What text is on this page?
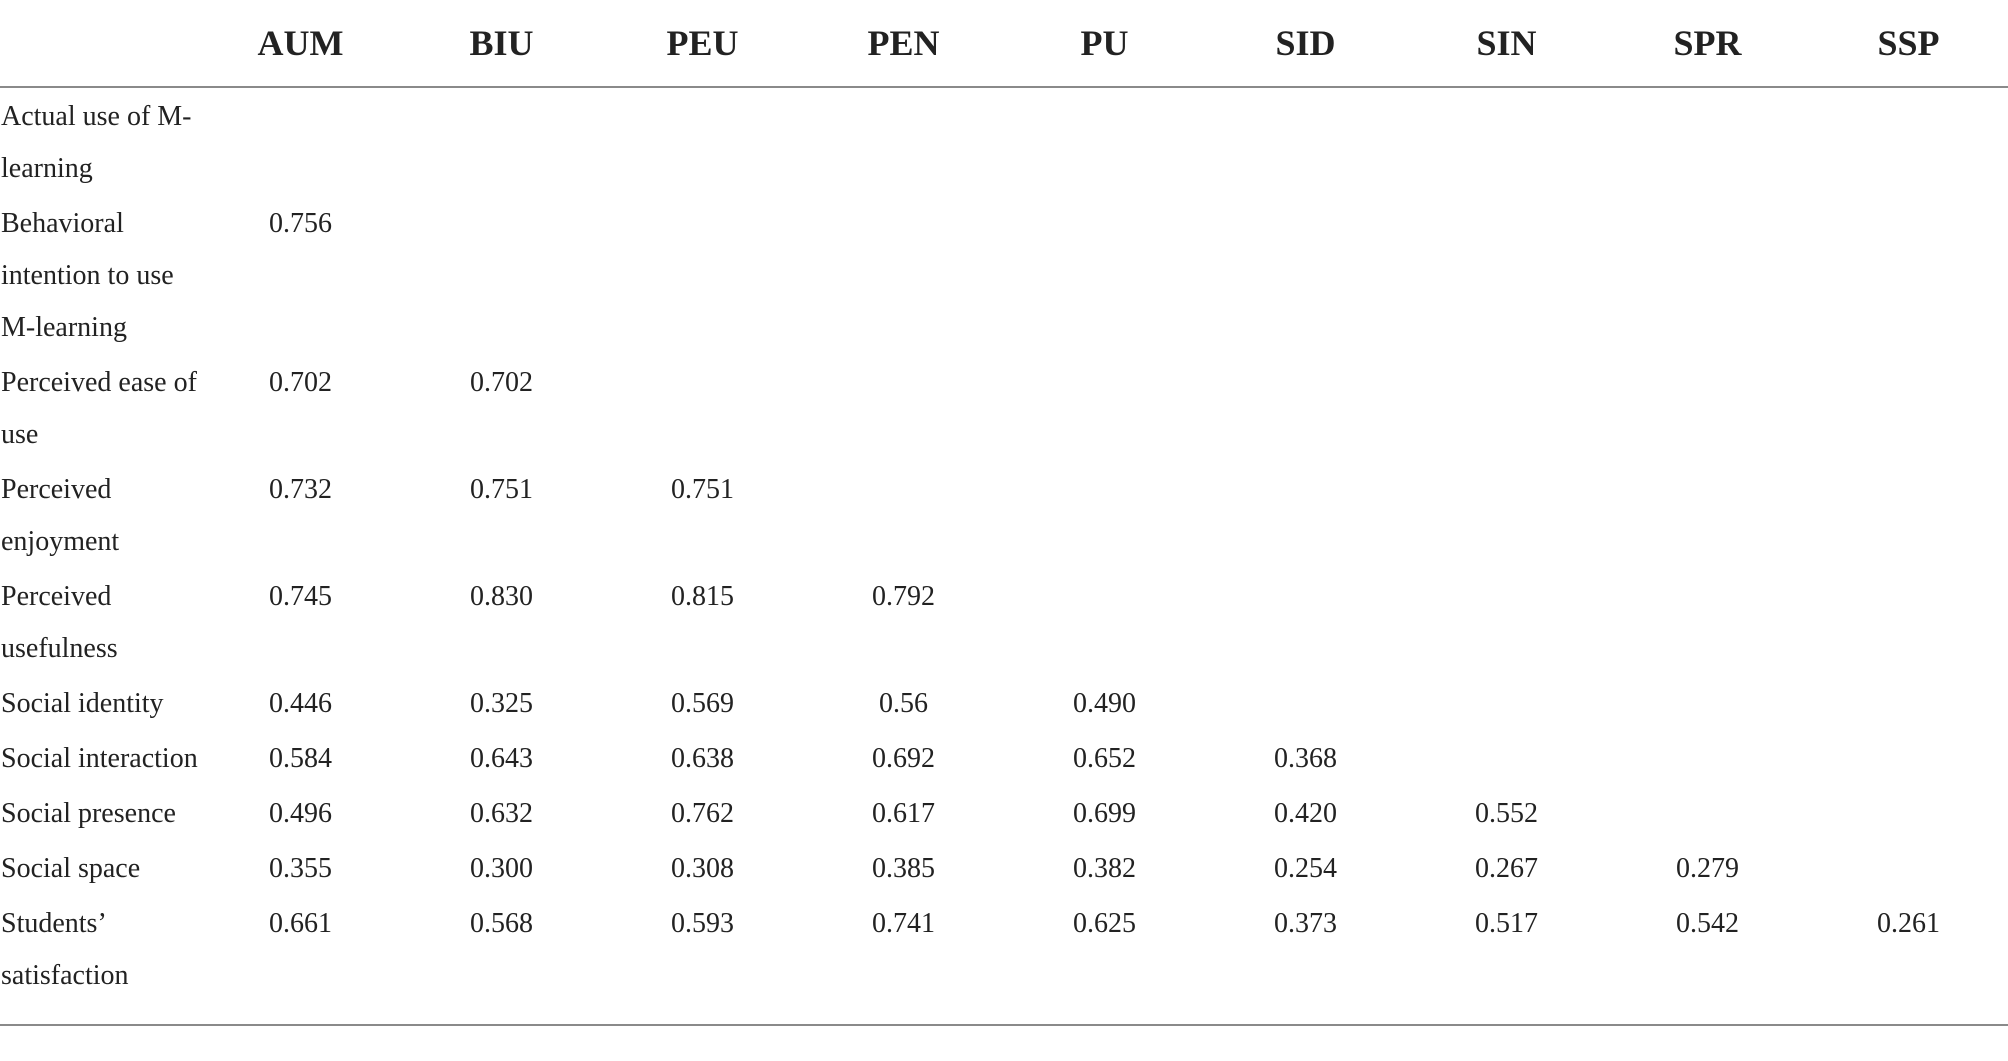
	AUM	BIU	PEU	PEN	PU	SID	SIN	SPR	SSP
Actual use of M-learning									
Behavioral intention to use M-learning	0.756								
Perceived ease of use	0.702	0.702							
Perceived enjoyment	0.732	0.751	0.751						
Perceived usefulness	0.745	0.830	0.815	0.792					
Social identity	0.446	0.325	0.569	0.56	0.490				
Social interaction	0.584	0.643	0.638	0.692	0.652	0.368			
Social presence	0.496	0.632	0.762	0.617	0.699	0.420	0.552		
Social space	0.355	0.300	0.308	0.385	0.382	0.254	0.267	0.279	
Students’ satisfaction	0.661	0.568	0.593	0.741	0.625	0.373	0.517	0.542	0.261
